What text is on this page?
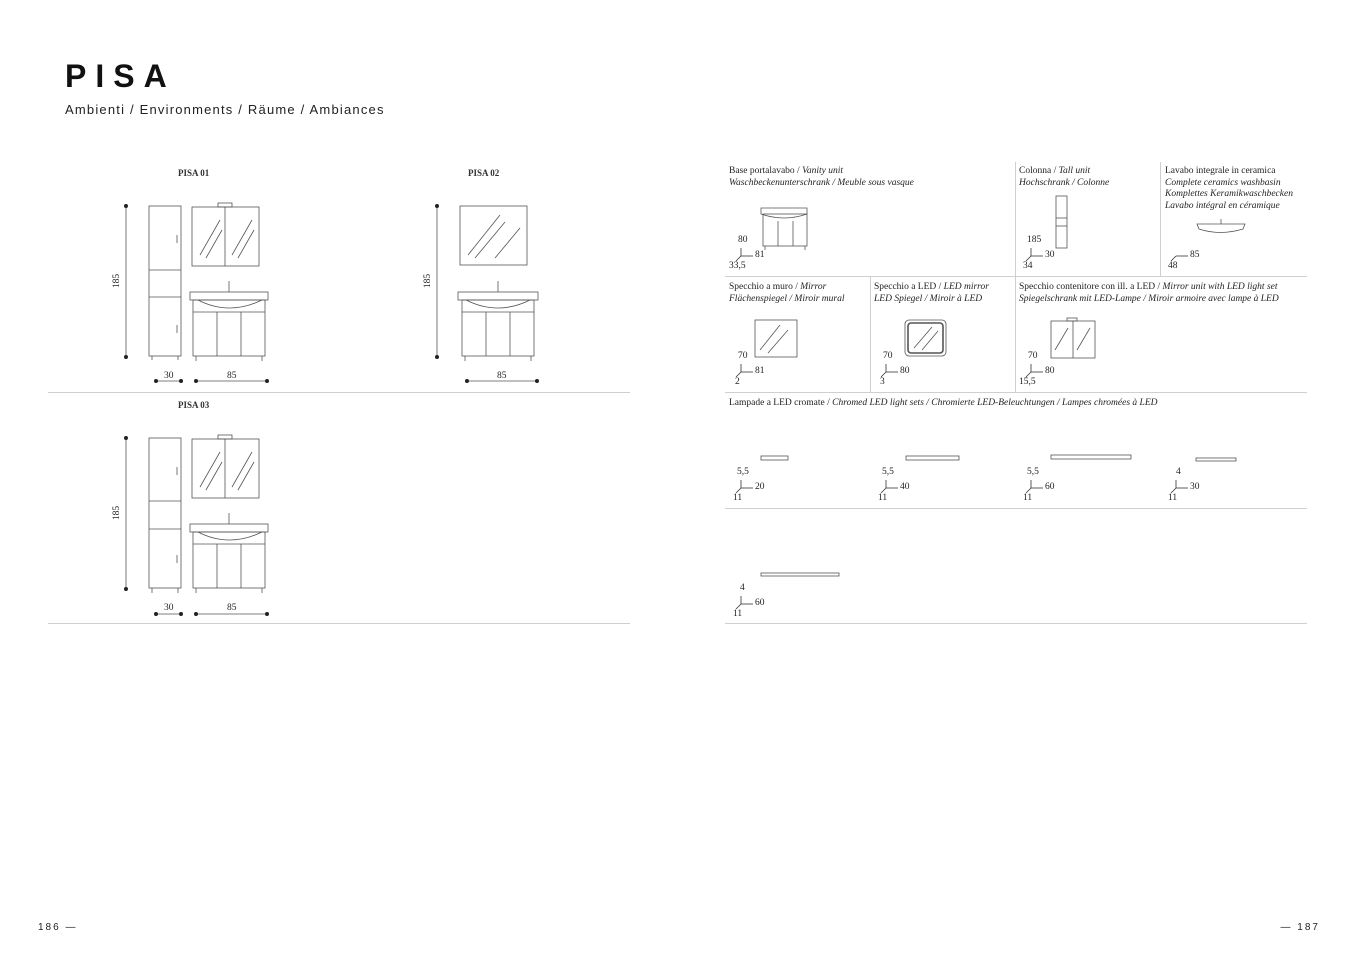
PISA
Ambienti / Environments / Räume / Ambiances
PISA 01
185
30	85
PISA 02
185
85
PISA 03
185
30	85
Base portalavabo / Vanity unit
Waschbeckenunterschrank / Meuble sous vasque
80
81
33,5
Colonna / Tall unit
Hochschrank / Colonne
185
30
34
Lavabo integrale in ceramica
Complete ceramics washbasin
Komplettes Keramikwaschbecken
Lavabo intégral en céramique
85
48
Specchio a muro / Mirror
Flächenspiegel / Miroir mural
70
81
2
Specchio a LED / LED mirror
LED Spiegel / Miroir à LED
70
80
3
Specchio contenitore con ill. a LED / Mirror unit with LED light set
Spiegelschrank mit LED-Lampe / Miroir armoire avec lampe à LED
70
80
15,5
Lampade a LED cromate / Chromed LED light sets / Chromierte LED-Beleuchtungen / Lampes chromées à LED
5,5
20
11
5,5
40
11
5,5
60
11
4
30
11
4
60
11
186 —	— 187
